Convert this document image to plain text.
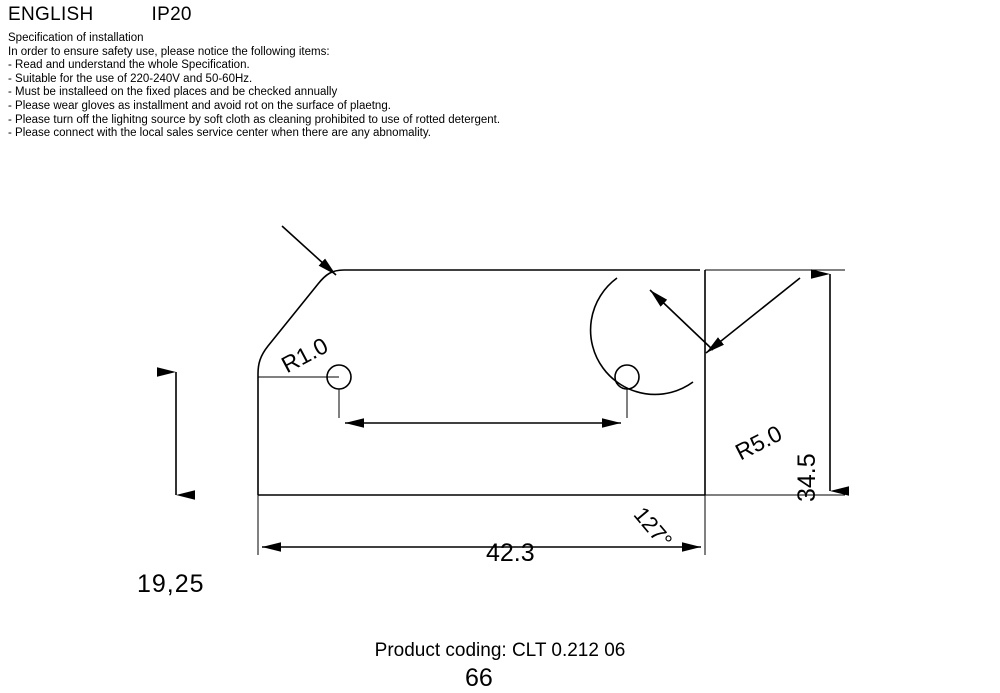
ENGLISH	IP20
Specification of installation
In order to ensure safety use, please notice the following items:
- Read and understand the whole Specification.
- Suitable for the use of 220-240V and 50-60Hz.
- Must be installeed on the fixed places and be checked annually
- Please wear gloves as installment and avoid rot on the surface of plaetng.
- Please turn off the lighitng source by soft cloth as cleaning prohibited to use of rotted detergent.
- Please connect with the local sales service center when there are any abnomality.
19,25
42.3
66
34.5
R1.0
R5.0
127°
Product coding: CLT 0.212 06
